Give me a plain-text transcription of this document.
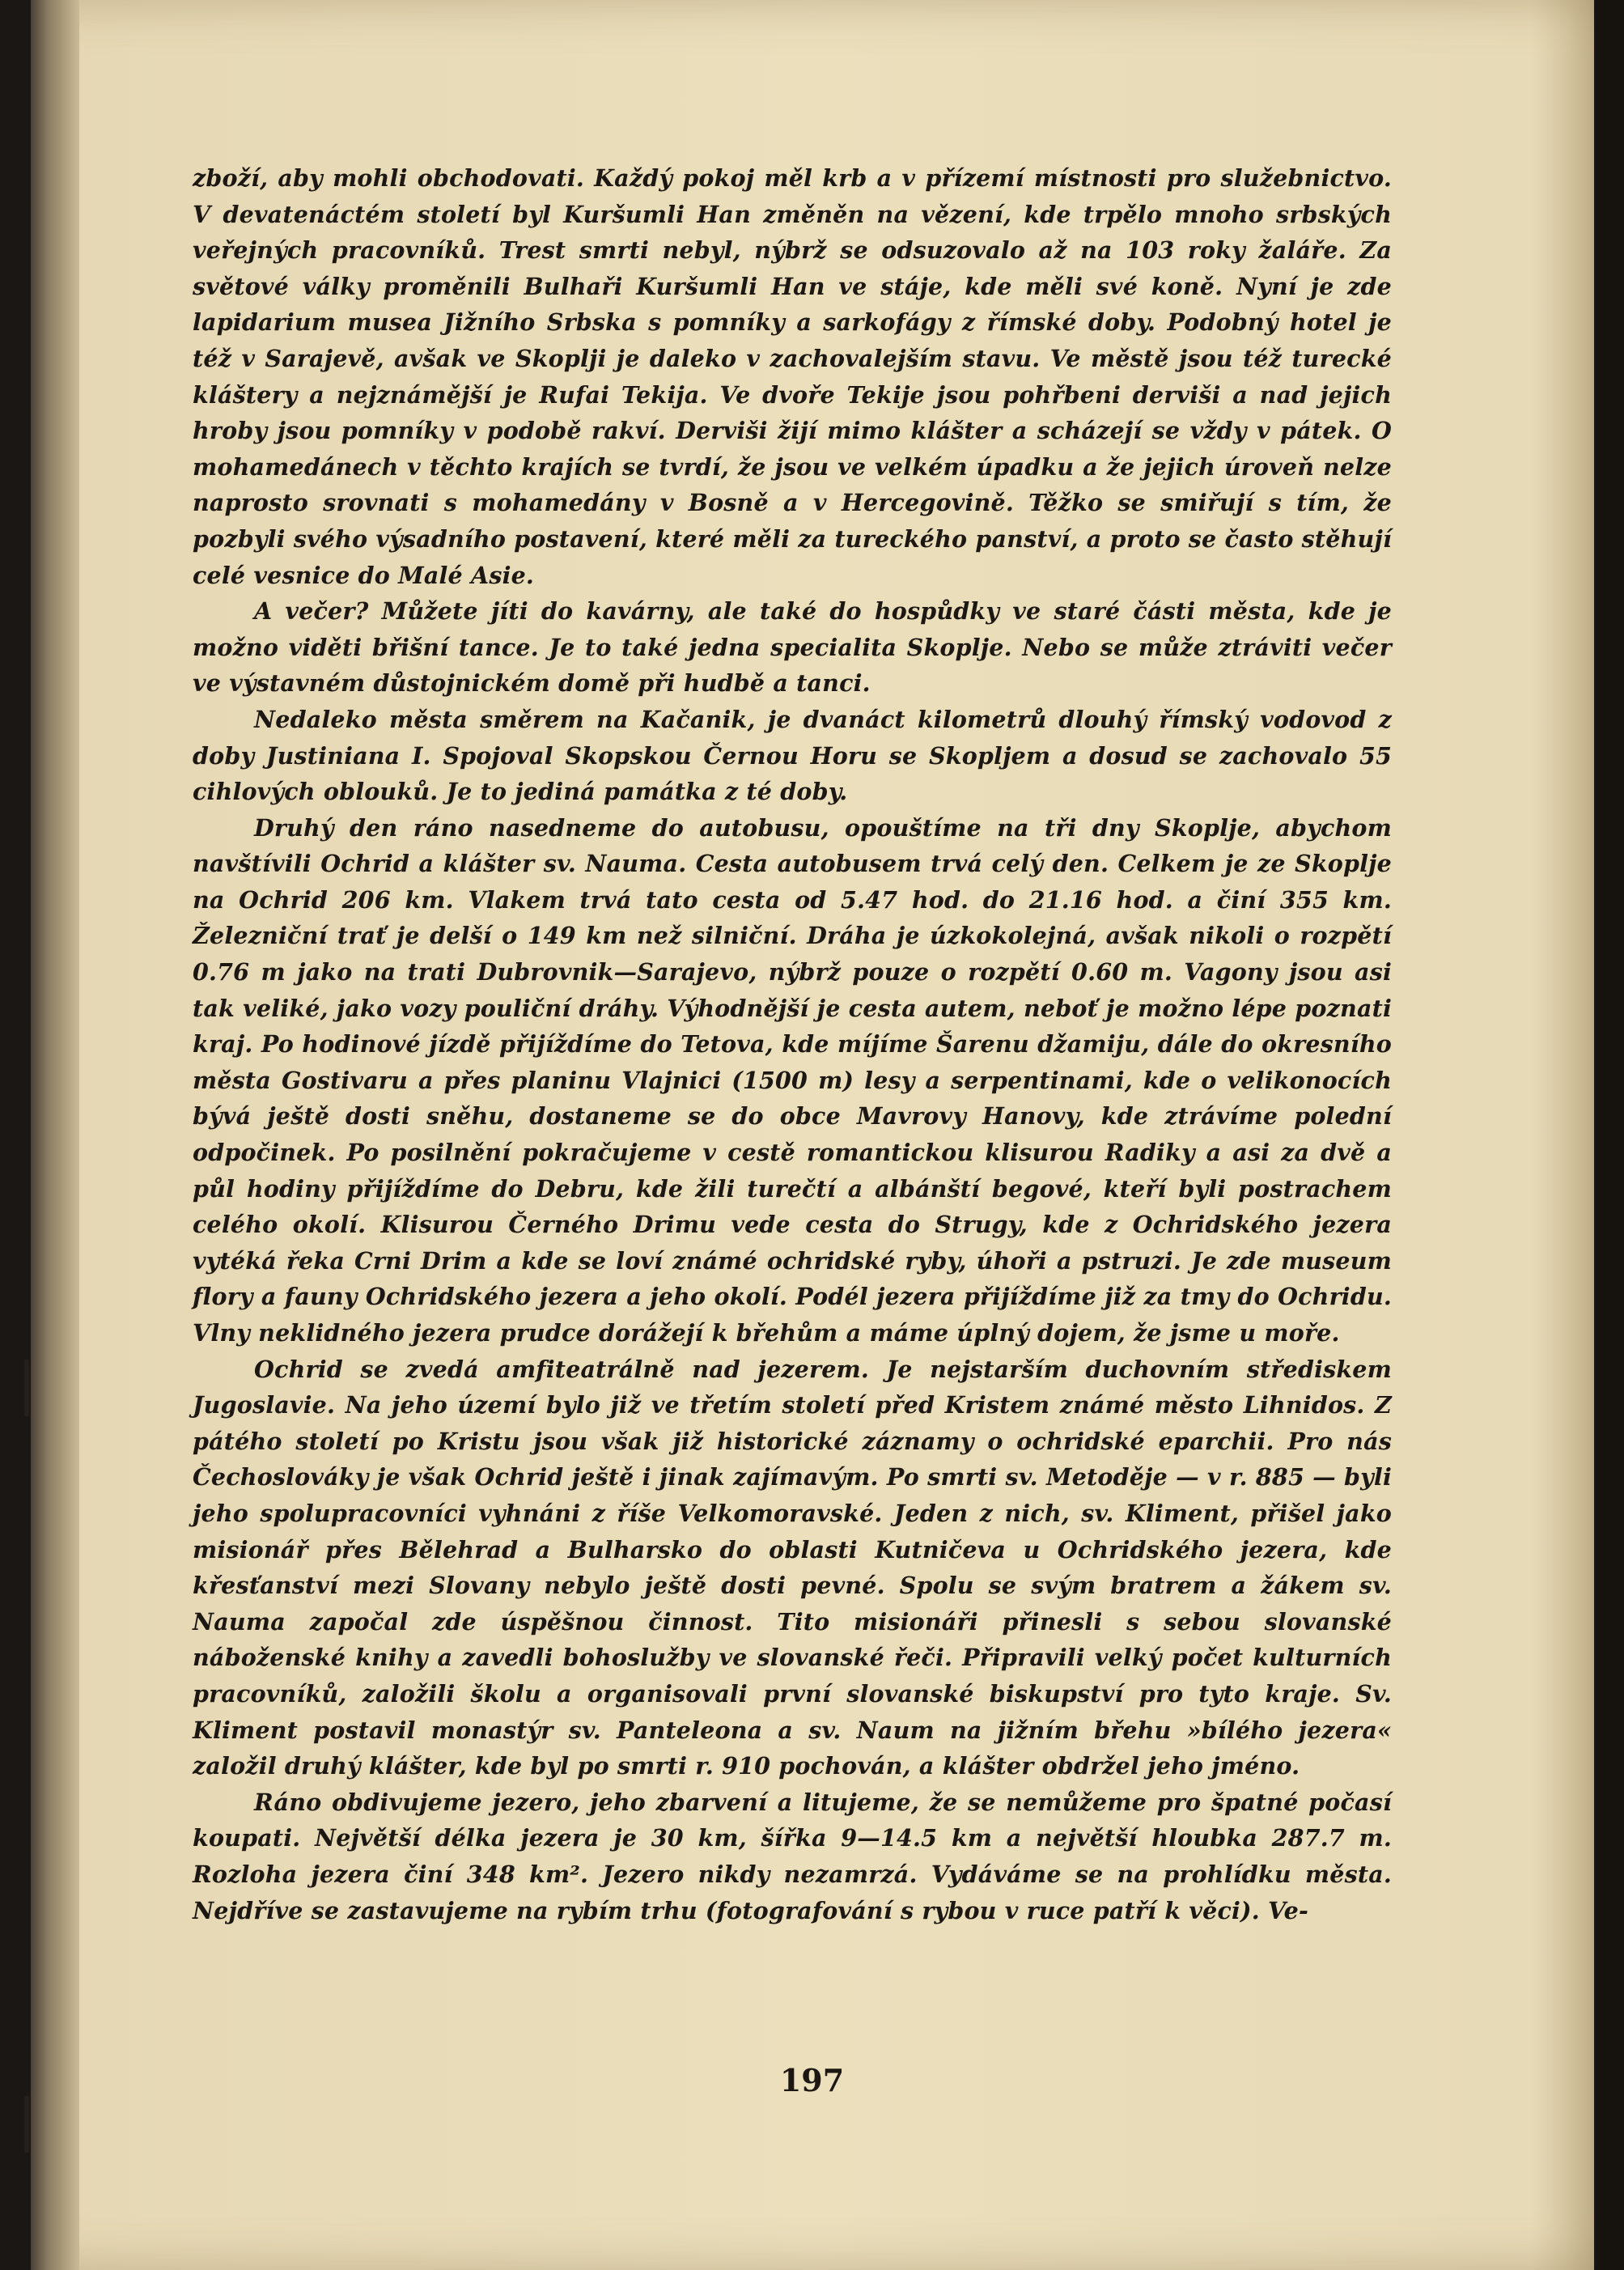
zboží, aby mohli obchodovati. Každý pokoj měl krb a v přízemí místnosti pro služebnictvo. V devatenáctém století byl Kuršumli Han změněn na vězení, kde trpělo mnoho srbských veřejných pracovníků. Trest smrti nebyl, nýbrž se odsuzovalo až na 103 roky žaláře. Za světové války proměnili Bulhaři Kuršumli Han ve stáje, kde měli své koně. Nyní je zde lapidarium musea Jižního Srbska s pomníky a sarkofágy z římské doby. Podobný hotel je též v Sarajevě, avšak ve Skoplji je daleko v zachovalejším stavu. Ve městě jsou též turecké kláštery a nejznámější je Rufai Tekija. Ve dvoře Tekije jsou pohřbeni derviši a nad jejich hroby jsou pomníky v podobě rakví. Derviši žijí mimo klášter a scházejí se vždy v pátek. O mohamedánech v těchto krajích se tvrdí, že jsou ve velkém úpadku a že jejich úroveň nelze naprosto srovnati s mohamedány v Bosně a v Hercegovině. Těžko se smiřují s tím, že pozbyli svého výsadního postavení, které měli za tureckého panství, a proto se často stěhují celé vesnice do Malé Asie.

A večer? Můžete jíti do kavárny, ale také do hospůdky ve staré části města, kde je možno viděti břišní tance. Je to také jedna specialita Skoplje. Nebo se může ztráviti večer ve výstavném důstojnickém domě při hudbě a tanci.

Nedaleko města směrem na Kačanik, je dvanáct kilometrů dlouhý římský vodovod z doby Justiniana I. Spojoval Skopskou Černou Horu se Skopljem a dosud se zachovalo 55 cihlových oblouků. Je to jediná památka z té doby.

Druhý den ráno nasedneme do autobusu, opouštíme na tři dny Skoplje, abychom navštívili Ochrid a klášter sv. Nauma. Cesta autobusem trvá celý den. Celkem je ze Skoplje na Ochrid 206 km. Vlakem trvá tato cesta od 5.47 hod. do 21.16 hod. a činí 355 km. Železniční trať je delší o 149 km než silniční. Dráha je úzkokolejná, avšak nikoli o rozpětí 0.76 m jako na trati Dubrovnik—Sarajevo, nýbrž pouze o rozpětí 0.60 m. Vagony jsou asi tak veliké, jako vozy pouliční dráhy. Výhodnější je cesta autem, neboť je možno lépe poznati kraj. Po hodinové jízdě přijíždíme do Tetova, kde míjíme Šarenu džamiju, dále do okresního města Gostivaru a přes planinu Vlajnici (1500 m) lesy a serpentinami, kde o velikonocích bývá ještě dosti sněhu, dostaneme se do obce Mavrovy Hanovy, kde ztrávíme polední odpočinek. Po posilnění pokračujeme v cestě romantickou klisurou Radiky a asi za dvě a půl hodiny přijíždíme do Debru, kde žili turečtí a albánští begové, kteří byli postrachem celého okolí. Klisurou Černého Drimu vede cesta do Strugy, kde z Ochridského jezera vytéká řeka Crni Drim a kde se loví známé ochridské ryby, úhoři a pstruzi. Je zde museum flory a fauny Ochridského jezera a jeho okolí. Podél jezera přijíždíme již za tmy do Ochridu. Vlny neklidného jezera prudce dorážejí k břehům a máme úplný dojem, že jsme u moře.

Ochrid se zvedá amfiteatrálně nad jezerem. Je nejstarším duchovním střediskem Jugoslavie. Na jeho území bylo již ve třetím století před Kristem známé město Lihnidos. Z pátého století po Kristu jsou však již historické záznamy o ochridské eparchii. Pro nás Čechoslováky je však Ochrid ještě i jinak zajímavým. Po smrti sv. Metoděje — v r. 885 — byli jeho spolupracovníci vyhnáni z říše Velkomoravské. Jeden z nich, sv. Kliment, přišel jako misionář přes Bělehrad a Bulharsko do oblasti Kutničeva u Ochridského jezera, kde křesťanství mezi Slovany nebylo ještě dosti pevné. Spolu se svým bratrem a žákem sv. Nauma započal zde úspěšnou činnost. Tito misionáři přinesli s sebou slovanské náboženské knihy a zavedli bohoslužby ve slovanské řeči. Připravili velký počet kulturních pracovníků, založili školu a organisovali první slovanské biskupství pro tyto kraje. Sv. Kliment postavil monastýr sv. Panteleona a sv. Naum na jižním břehu »bílého jezera« založil druhý klášter, kde byl po smrti r. 910 pochován, a klášter obdržel jeho jméno.

Ráno obdivujeme jezero, jeho zbarvení a litujeme, že se nemůžeme pro špatné počasí koupati. Největší délka jezera je 30 km, šířka 9—14.5 km a největší hloubka 287.7 m. Rozloha jezera činí 348 km². Jezero nikdy nezamrzá. Vydáváme se na prohlídku města. Nejdříve se zastavujeme na rybím trhu (fotografování s rybou v ruce patří k věci). Ve-

197
